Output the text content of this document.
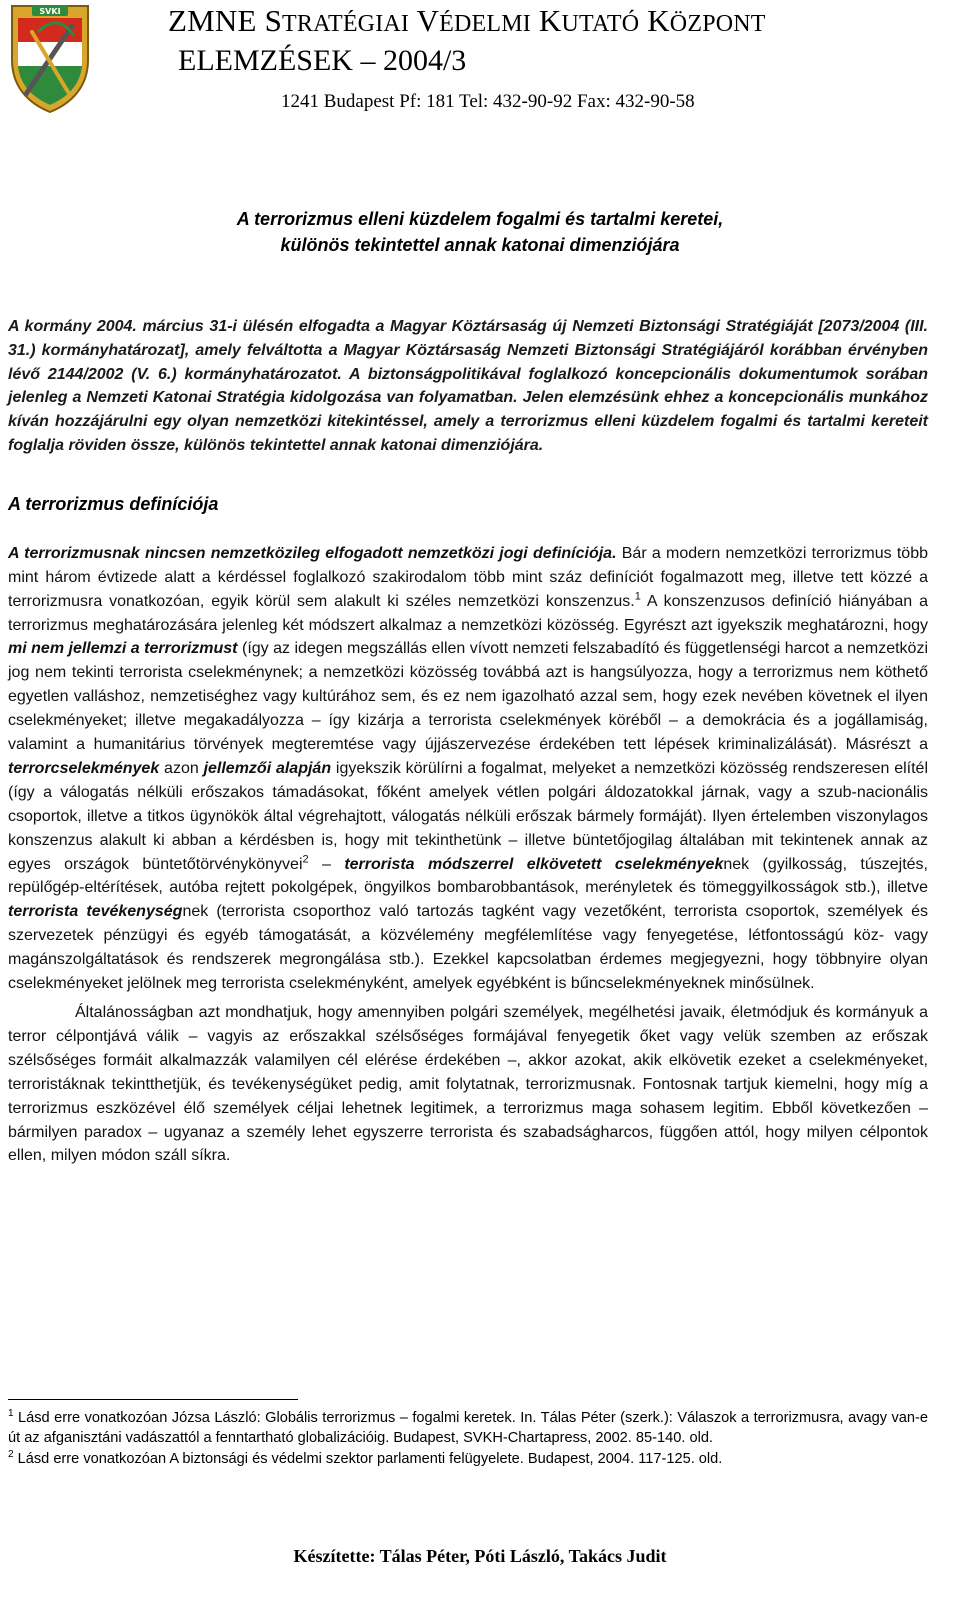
SVKI	ZMNE STRATÉGIAI VÉDELMI KUTATÓ KÖZPONT
ELEMZÉSEK – 2004/3
1241 Budapest Pf: 181 Tel: 432-90-92 Fax: 432-90-58
A terrorizmus elleni küzdelem fogalmi és tartalmi keretei,
különös tekintettel annak katonai dimenziójára

A kormány 2004. március 31-i ülésén elfogadta a Magyar Köztársaság új Nemzeti Biztonsági Stratégiáját [2073/2004 (III. 31.) kormányhatározat], amely felváltotta a Magyar Köztársaság Nemzeti Biztonsági Stratégiájáról korábban érvényben lévő 2144/2002 (V. 6.) kormányhatározatot. A biztonságpolitikával foglalkozó koncepcionális dokumentumok sorában jelenleg a Nemzeti Katonai Stratégia kidolgozása van folyamatban. Jelen elemzésünk ehhez a koncepcionális munkához kíván hozzájárulni egy olyan nemzetközi kitekintéssel, amely a terrorizmus elleni küzdelem fogalmi és tartalmi kereteit foglalja röviden össze, különös tekintettel annak katonai dimenziójára.

A terrorizmus definíciója

A terrorizmusnak nincsen nemzetközileg elfogadott nemzetközi jogi definíciója. Bár a modern nemzetközi terrorizmus több mint három évtizede alatt a kérdéssel foglalkozó szakirodalom több mint száz definíciót fogalmazott meg, illetve tett közzé a terrorizmusra vonatkozóan, egyik körül sem alakult ki széles nemzetközi konszenzus.$^1$ A konszenzusos definíció hiányában a terrorizmus meghatározására jelenleg két módszert alkalmaz a nemzetközi közösség. Egyrészt azt igyekszik meghatározni, hogy mi nem jellemzi a terrorizmust (így az idegen megszállás ellen vívott nemzeti felszabadító és függetlenségi harcot a nemzetközi jog nem tekinti terrorista cselekménynek; a nemzetközi közösség továbbá azt is hangsúlyozza, hogy a terrorizmus nem köthető egyetlen valláshoz, nemzetiséghez vagy kultúrához sem, és ez nem igazolható azzal sem, hogy ezek nevében követnek el ilyen cselekményeket; illetve megakadályozza – így kizárja a terrorista cselekmények köréből – a demokrácia és a jogállamiság, valamint a humanitárius törvények megteremtése vagy újjászervezése érdekében tett lépések kriminalizálását). Másrészt a terrorcselekmények azon jellemzői alapján igyekszik körülírni a fogalmat, melyeket a nemzetközi közösség rendszeresen elítél (így a válogatás nélküli erőszakos támadásokat, főként amelyek vétlen polgári áldozatokkal járnak, vagy a szub-nacionális csoportok, illetve a titkos ügynökök által végrehajtott, válogatás nélküli erőszak bármely formáját). Ilyen értelemben viszonylagos konszenzus alakult ki abban a kérdésben is, hogy mit tekinthetünk – illetve büntetőjogilag általában mit tekintenek annak az egyes országok büntetőtörvénykönyvei$^2$ – terrorista módszerrel elkövetett cselekményeknek (gyilkosság, túszejtés, repülőgép-eltérítések, autóba rejtett pokolgépek, öngyilkos bombarobbantások, merényletek és tömeggyilkosságok stb.), illetve terrorista tevékenységnek (terrorista csoporthoz való tartozás tagként vagy vezetőként, terrorista csoportok, személyek és szervezetek pénzügyi és egyéb támogatását, a közvélemény megfélemlítése vagy fenyegetése, létfontosságú köz- vagy magánszolgáltatások és rendszerek megrongálása stb.). Ezekkel kapcsolatban érdemes megjegyezni, hogy többnyire olyan cselekményeket jelölnek meg terrorista cselekményként, amelyek egyébként is bűncselekményeknek minősülnek.

Általánosságban azt mondhatjuk, hogy amennyiben polgári személyek, megélhetési javaik, életmódjuk és kormányuk a terror célpontjává válik – vagyis az erőszakkal szélsőséges formájával fenyegetik őket vagy velük szemben az erőszak szélsőséges formáit alkalmazzák valamilyen cél elérése érdekében –, akkor azokat, akik elkövetik ezeket a cselekményeket, terroristáknak tekintthetjük, és tevékenységüket pedig, amit folytatnak, terrorizmusnak. Fontosnak tartjuk kiemelni, hogy míg a terrorizmus eszközével élő személyek céljai lehetnek legitimek, a terrorizmus maga sohasem legitim. Ebből következően – bármilyen paradox – ugyanaz a személy lehet egyszerre terrorista és szabadságharcos, függően attól, hogy milyen célpontok ellen, milyen módon száll síkra.

$^1$ Lásd erre vonatkozóan Józsa László: Globális terrorizmus – fogalmi keretek. In. Tálas Péter (szerk.): Válaszok a terrorizmusra, avagy van-e út az afganisztáni vadászattól a fenntartható globalizációig. Budapest, SVKH-Chartapress, 2002. 85-140. old.

$^2$ Lásd erre vonatkozóan A biztonsági és védelmi szektor parlamenti felügyelete. Budapest, 2004. 117-125. old.

Készítette: Tálas Péter, Póti László, Takács Judit
